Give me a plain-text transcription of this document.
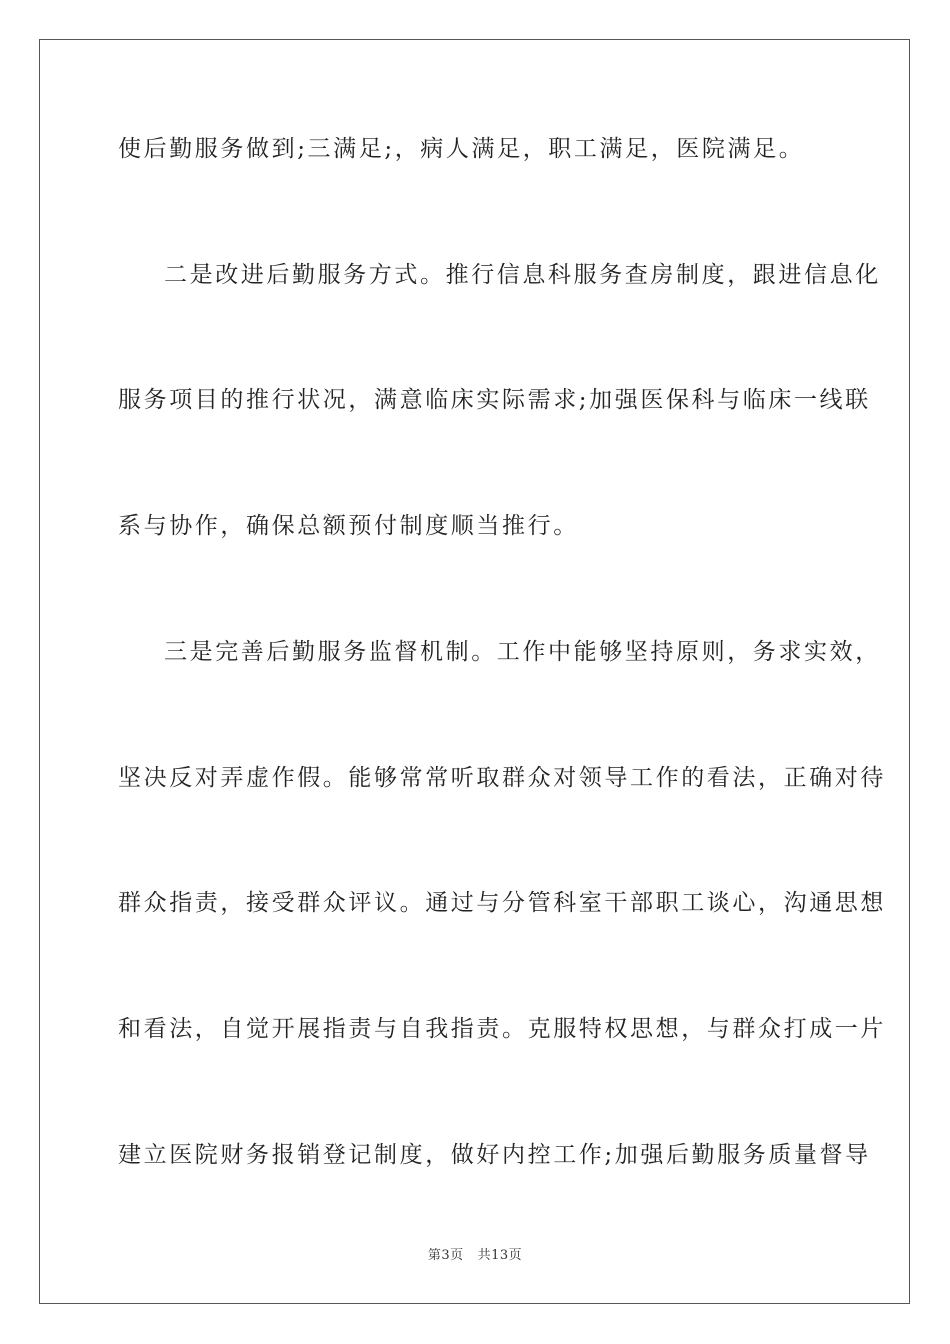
使后勤服务做到;三满足;，病人满足，职工满足，医院满足。
二是改进后勤服务方式。推行信息科服务查房制度，跟进信息化
服务项目的推行状况，满意临床实际需求;加强医保科与临床一线联
系与协作，确保总额预付制度顺当推行。
三是完善后勤服务监督机制。工作中能够坚持原则，务求实效，
坚决反对弄虚作假。能够常常听取群众对领导工作的看法，正确对待
群众指责，接受群众评议。通过与分管科室干部职工谈心，沟通思想
和看法，自觉开展指责与自我指责。克服特权思想，与群众打成一片
建立医院财务报销登记制度，做好内控工作;加强后勤服务质量督导
第3页 共13页
